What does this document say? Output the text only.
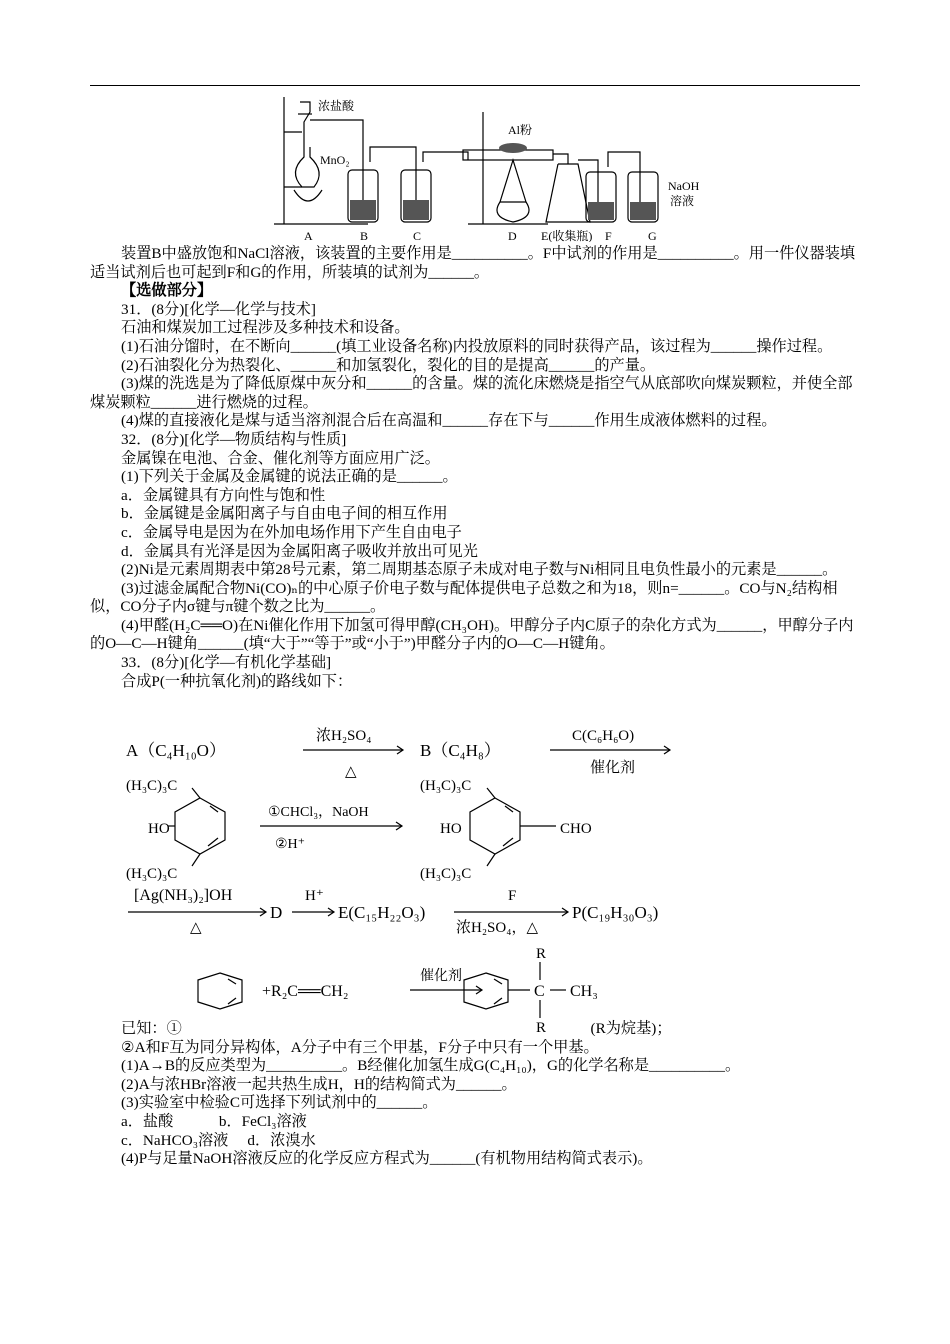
浓盐酸
MnO₂
Al粉
NaOH
溶液
A	B	C	D E(收集瓶) F	G

装置B中盛放饱和NaCl溶液，该装置的主要作用是__________。F中试剂的作用是__________。用一件仪器装填适当试剂后也可起到F和G的作用，所装填的试剂为______。

【选做部分】

31．(8分)[化学—化学与技术]

石油和煤炭加工过程涉及多种技术和设备。

(1)石油分馏时，在不断向______(填工业设备名称)内投放原料的同时获得产品，该过程为______操作过程。

(2)石油裂化分为热裂化、______和加氢裂化，裂化的目的是提高______的产量。

(3)煤的洗选是为了降低原煤中灰分和______的含量。煤的流化床燃烧是指空气从底部吹向煤炭颗粒，并使全部煤炭颗粒______进行燃烧的过程。

(4)煤的直接液化是煤与适当溶剂混合后在高温和______存在下与______作用生成液体燃料的过程。

32．(8分)[化学—物质结构与性质]

金属镍在电池、合金、催化剂等方面应用广泛。

(1)下列关于金属及金属键的说法正确的是______。

a．金属键具有方向性与饱和性

b．金属键是金属阳离子与自由电子间的相互作用

c．金属导电是因为在外加电场作用下产生自由电子

d．金属具有光泽是因为金属阳离子吸收并放出可见光

(2)Ni是元素周期表中第28号元素，第二周期基态原子未成对电子数与Ni相同且电负性最小的元素是______。

(3)过滤金属配合物Ni(CO)ₙ的中心原子价电子数与配体提供电子总数之和为18，则n=______。CO与N₂结构相似，CO分子内σ键与π键个数之比为______。

(4)甲醛(H₂C══O)在Ni催化作用下加氢可得甲醇(CH₃OH)。甲醇分子内C原子的杂化方式为______，甲醇分子内的O—C—H键角______(填“大于”“等于”或“小于”)甲醛分子内的O—C—H键角。

33．(8分)[化学—有机化学基础]

合成P(一种抗氧化剂)的路线如下：

A（C₄H₁₀O）
浓H₂SO₄
△
B（C₄H₈）
C(C₆H₆O)
催化剂
(H₃C)₃C
(H₃C)₃C
HO
①CHCl₃，NaOH
②H⁺
(H₃C)₃C
(H₃C)₃C
HO	CHO
[Ag(NH₃)₂]OH
△
D
H⁺
E(C₁₅H₂₂O₃)
F
浓H₂SO₄，△
P(C₁₉H₃₀O₃)
+R₂C══CH₂
催化剂
R
C CH₃
R

已知：①	(R为烷基)；

②A和F互为同分异构体，A分子中有三个甲基，F分子中只有一个甲基。

(1)A→B的反应类型为__________。B经催化加氢生成G(C₄H₁₀)，G的化学名称是__________。

(2)A与浓HBr溶液一起共热生成H，H的结构简式为______。

(3)实验室中检验C可选择下列试剂中的______。

a．盐酸　　　b．FeCl₃溶液

c．NaHCO₃溶液　 d．浓溴水

(4)P与足量NaOH溶液反应的化学反应方程式为______(有机物用结构简式表示)。
